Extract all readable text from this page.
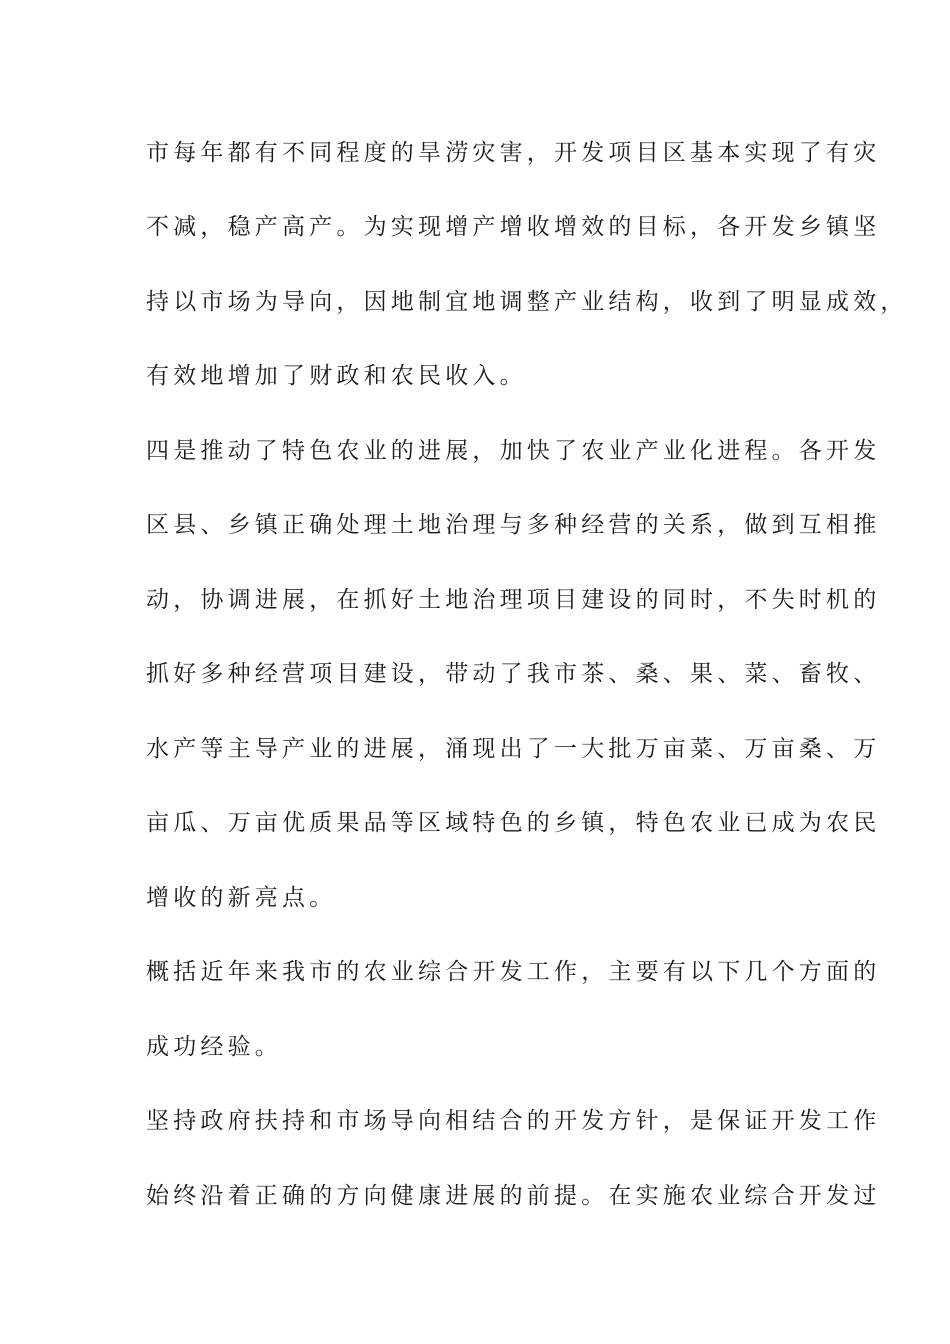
市每年都有不同程度的旱涝灾害，开发项目区基本实现了有灾
不减，稳产高产。为实现增产增收增效的目标，各开发乡镇坚
持以市场为导向，因地制宜地调整产业结构，收到了明显成效，
有效地增加了财政和农民收入。
四是推动了特色农业的进展，加快了农业产业化进程。各开发
区县、乡镇正确处理土地治理与多种经营的关系，做到互相推
动，协调进展，在抓好土地治理项目建设的同时，不失时机的
抓好多种经营项目建设，带动了我市茶、桑、果、菜、畜牧、
水产等主导产业的进展，涌现出了一大批万亩菜、万亩桑、万
亩瓜、万亩优质果品等区域特色的乡镇，特色农业已成为农民
增收的新亮点。
概括近年来我市的农业综合开发工作，主要有以下几个方面的
成功经验。
坚持政府扶持和市场导向相结合的开发方针，是保证开发工作
始终沿着正确的方向健康进展的前提。在实施农业综合开发过
